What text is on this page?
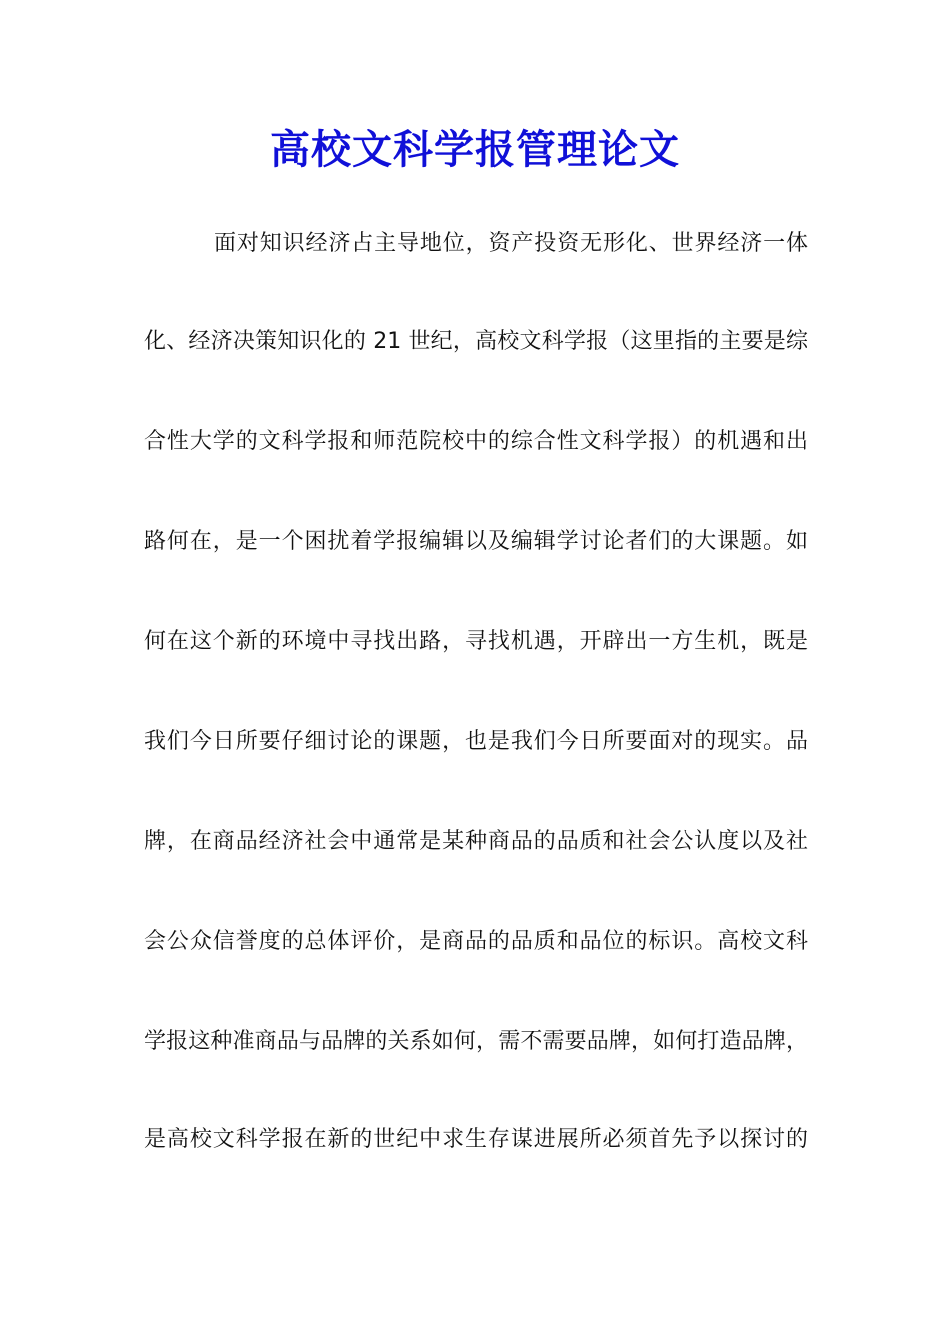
高校文科学报管理论文
面对知识经济占主导地位，资产投资无形化、世界经济一体
化、经济决策知识化的 21 世纪，高校文科学报（这里指的主要是综
合性大学的文科学报和师范院校中的综合性文科学报）的机遇和出
路何在，是一个困扰着学报编辑以及编辑学讨论者们的大课题。如
何在这个新的环境中寻找出路，寻找机遇，开辟出一方生机，既是
我们今日所要仔细讨论的课题，也是我们今日所要面对的现实。品
牌，在商品经济社会中通常是某种商品的品质和社会公认度以及社
会公众信誉度的总体评价，是商品的品质和品位的标识。高校文科
学报这种准商品与品牌的关系如何，需不需要品牌，如何打造品牌，
是高校文科学报在新的世纪中求生存谋进展所必须首先予以探讨的
